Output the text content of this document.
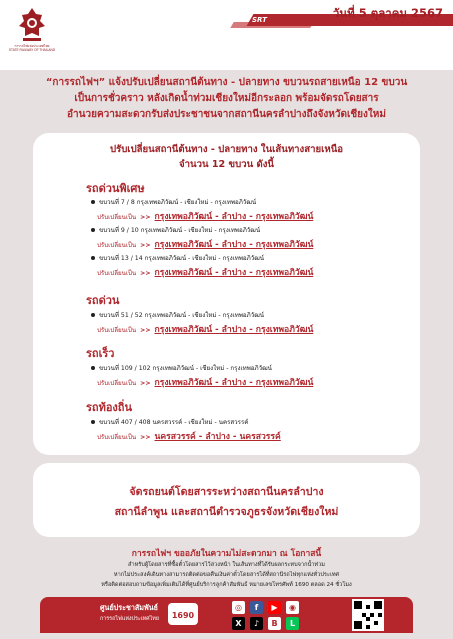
การรถไฟแห่งประเทศไทย
STATE RAILWAY OF THAILAND
SRT	วันที่ 5 ตุลาคม 2567
“การรถไฟฯ” แจ้งปรับเปลี่ยนสถานีต้นทาง - ปลายทาง ขบวนรถสายเหนือ 12 ขบวน
เป็นการชั่วคราว หลังเกิดน้ำท่วมเชียงใหม่อีกระลอก พร้อมจัดรถโดยสาร
อำนวยความสะดวกรับส่งประชาชนจากสถานีนครลำปางถึงจังหวัดเชียงใหม่
ปรับเปลี่ยนสถานีต้นทาง - ปลายทาง ในเส้นทางสายเหนือ
จำนวน 12 ขบวน ดังนี้
รถด่วนพิเศษ
ขบวนที่ 7 / 8 กรุงเทพอภิวัฒน์ - เชียงใหม่ - กรุงเทพอภิวัฒน์
ปรับเปลี่ยนเป็น >> กรุงเทพอภิวัฒน์ - ลำปาง - กรุงเทพอภิวัฒน์
ขบวนที่ 9 / 10 กรุงเทพอภิวัฒน์ - เชียงใหม่ - กรุงเทพอภิวัฒน์
ปรับเปลี่ยนเป็น >> กรุงเทพอภิวัฒน์ - ลำปาง - กรุงเทพอภิวัฒน์
ขบวนที่ 13 / 14 กรุงเทพอภิวัฒน์ - เชียงใหม่ - กรุงเทพอภิวัฒน์
ปรับเปลี่ยนเป็น >> กรุงเทพอภิวัฒน์ - ลำปาง - กรุงเทพอภิวัฒน์
รถด่วน
ขบวนที่ 51 / 52 กรุงเทพอภิวัฒน์ - เชียงใหม่ - กรุงเทพอภิวัฒน์
ปรับเปลี่ยนเป็น >> กรุงเทพอภิวัฒน์ - ลำปาง - กรุงเทพอภิวัฒน์
รถเร็ว
ขบวนที่ 109 / 102 กรุงเทพอภิวัฒน์ - เชียงใหม่ - กรุงเทพอภิวัฒน์
ปรับเปลี่ยนเป็น >> กรุงเทพอภิวัฒน์ - ลำปาง - กรุงเทพอภิวัฒน์
รถท้องถิ่น
ขบวนที่ 407 / 408 นครสวรรค์ - เชียงใหม่ - นครสวรรค์
ปรับเปลี่ยนเป็น >> นครสวรรค์ - ลำปาง - นครสวรรค์
จัดรถยนต์โดยสารระหว่างสถานีนครลำปาง
สถานีลำพูน และสถานีตำรวจภูธรจังหวัดเชียงใหม่
การรถไฟฯ ขออภัยในความไม่สะดวกมา ณ โอกาสนี้
สำหรับผู้โดยสารที่ซื้อตั๋วโดยสารไว้ล่วงหน้า ในเส้นทางที่ได้รับผลกระทบจากน้ำท่วม
หากไม่ประสงค์เดินทางสามารถติดต่อขอคืนเงินค่าตั๋วโดยสารได้ที่สถานีรถไฟทุกแห่งทั่วประเทศ
หรือติดต่อสอบถามข้อมูลเพิ่มเติมได้ที่ศูนย์บริการลูกค้าสัมพันธ์ หมายเลขโทรศัพท์ 1690 ตลอด 24 ชั่วโมง
ศูนย์ประชาสัมพันธ์
การรถไฟแห่งประเทศไทย	1690
◎	f	▶	◉
X	♪	B	L
